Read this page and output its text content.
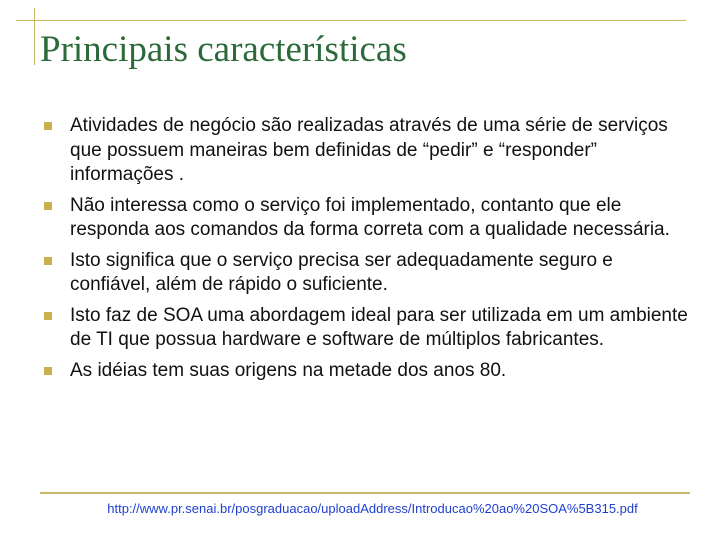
Principais características
Atividades de negócio são realizadas através de uma série de serviços que possuem maneiras bem definidas de “pedir” e “responder” informações .
Não interessa como o serviço foi implementado, contanto que ele responda aos comandos da forma correta com a qualidade necessária.
Isto significa que o serviço precisa ser adequadamente seguro e confiável, além de rápido o suficiente.
Isto faz de SOA uma abordagem ideal para ser utilizada em um ambiente de TI que possua hardware e software de múltiplos fabricantes.
As idéias tem suas origens na metade dos anos 80.

http://www.pr.senai.br/posgraduacao/uploadAddress/Introducao%20ao%20SOA%5B315.pdf
